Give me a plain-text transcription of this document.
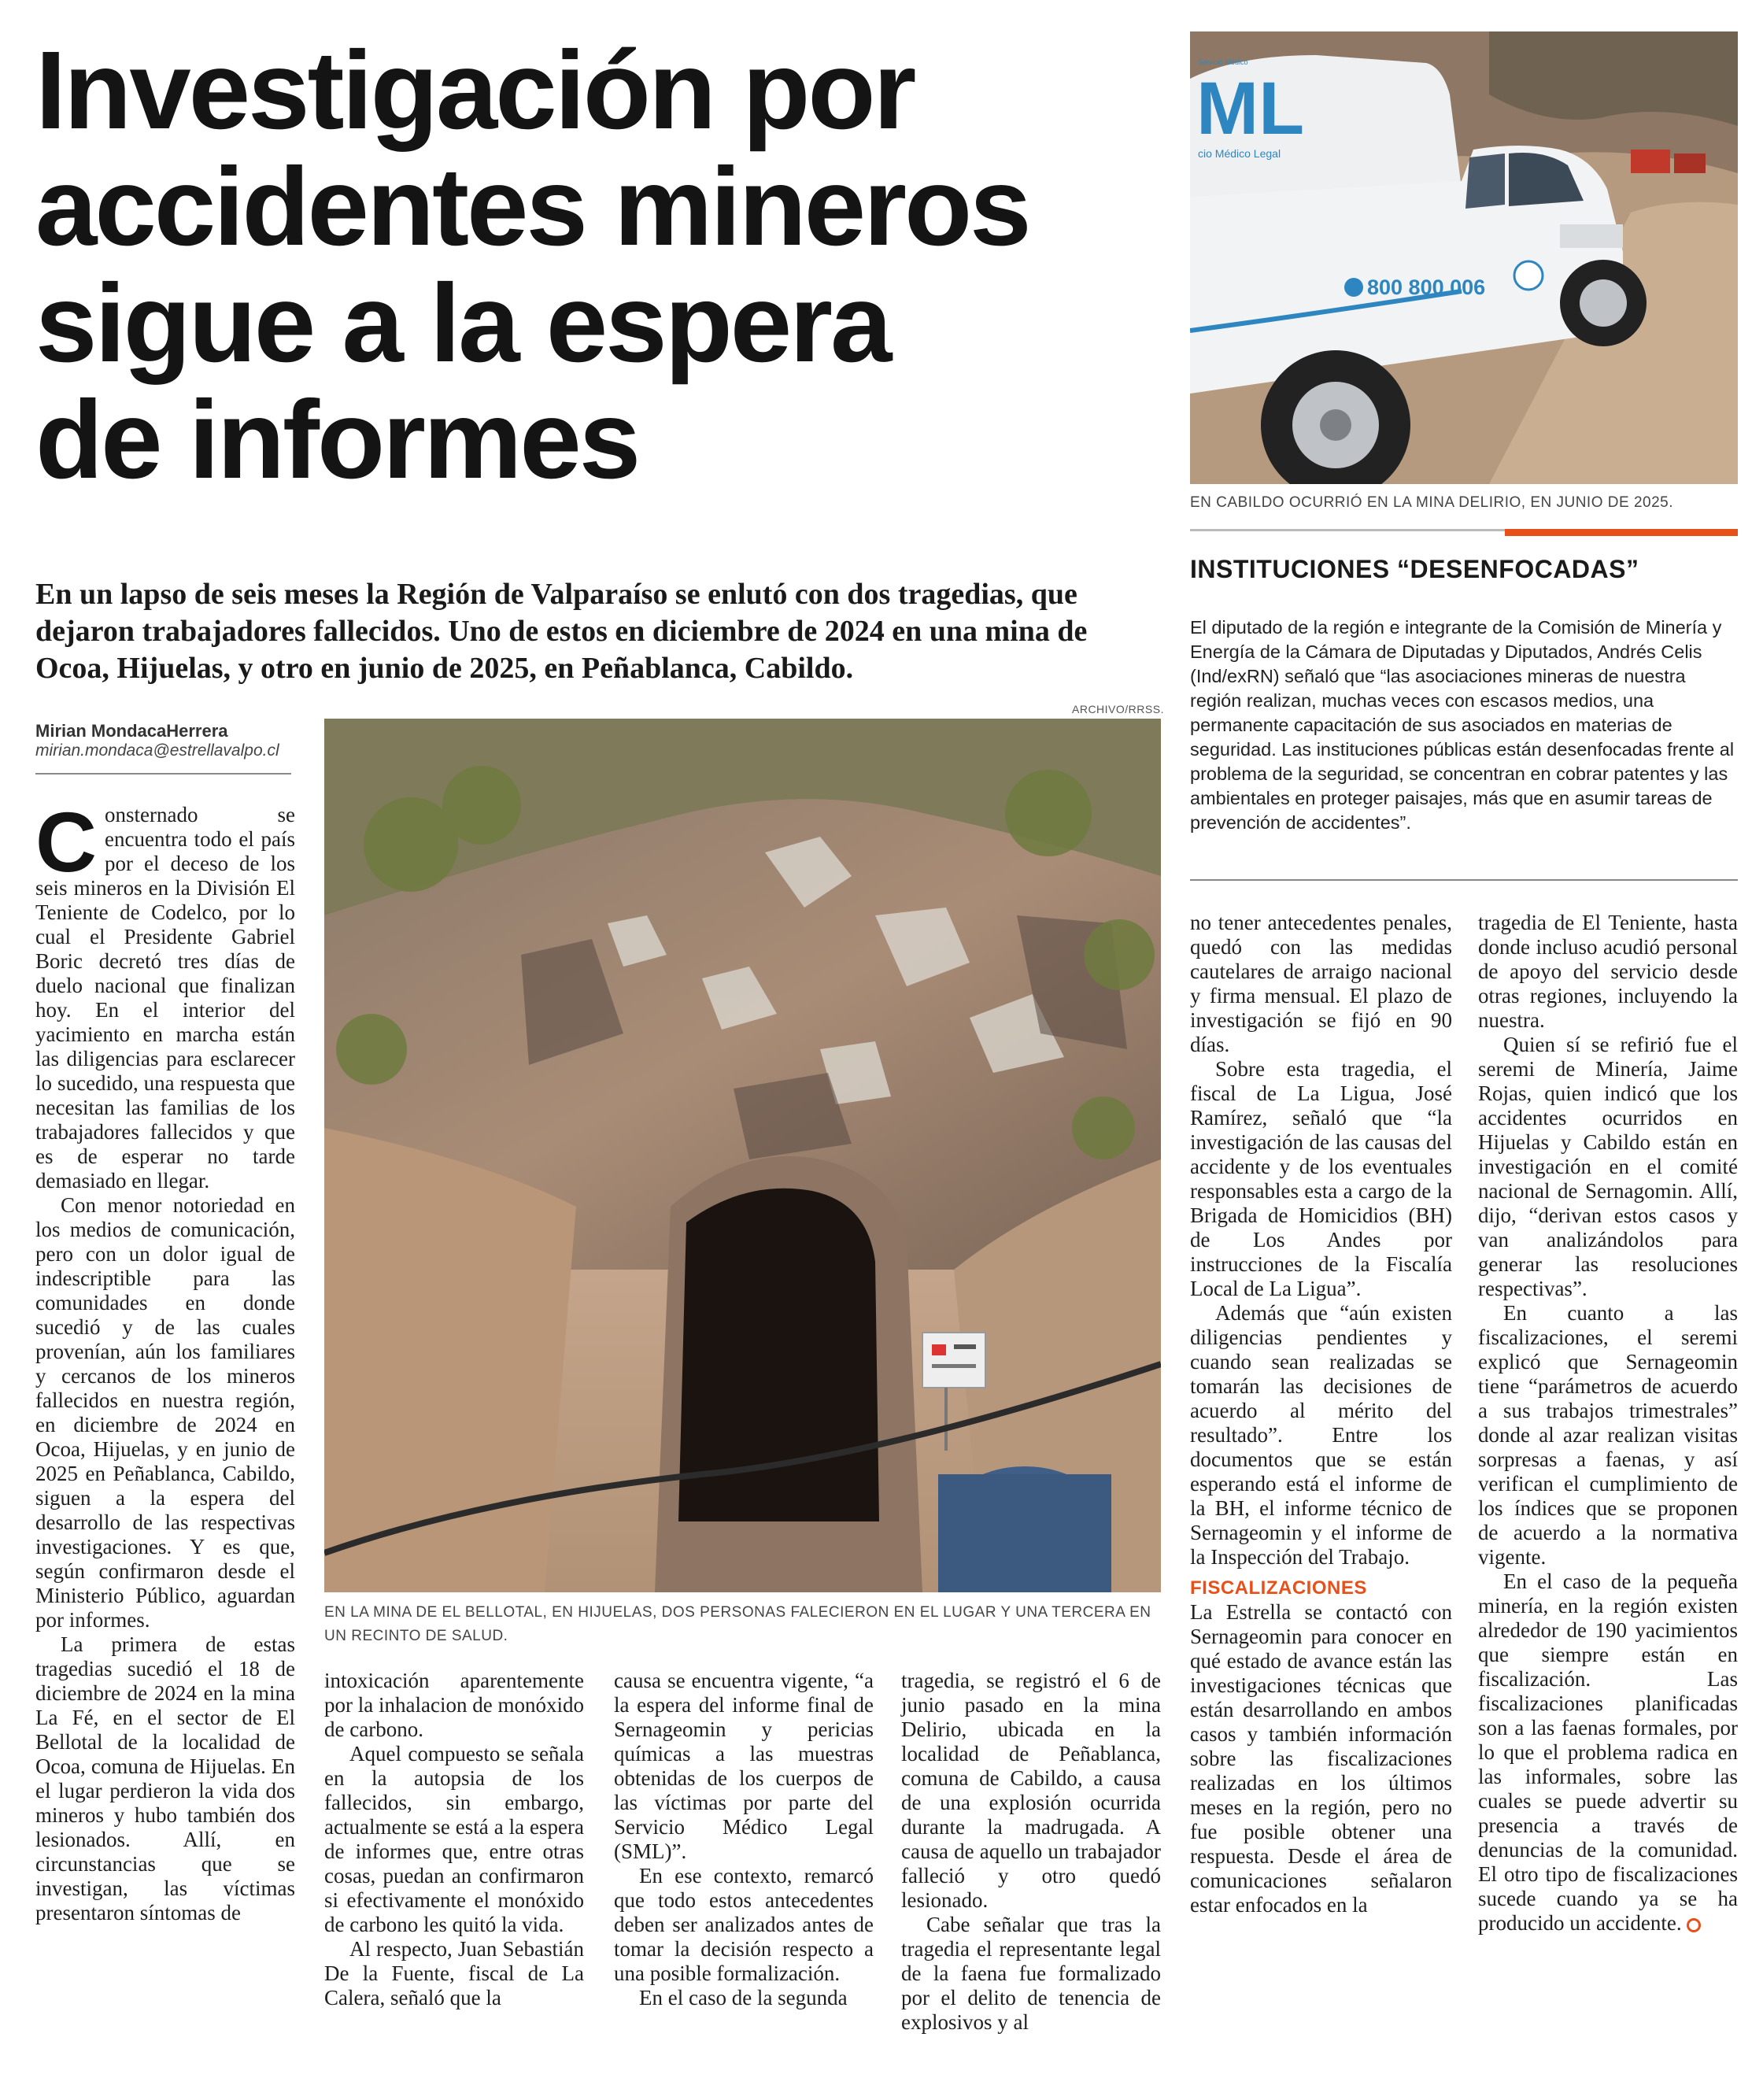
Investigación por
accidentes mineros
sigue a la espera
de informes

En un lapso de seis meses la Región de Valparaíso se enlutó con dos tragedias, que dejaron trabajadores fallecidos. Uno de estos en diciembre de 2024 en una mina de Ocoa, Hijuelas, y otro en junio de 2025, en Peñablanca, Cabildo.

Mirian MondacaHerrera
mirian.mondaca@estrellavalpo.cl
ARCHIVO/RRSS.
EN LA MINA DE EL BELLOTAL, EN HIJUELAS, DOS PERSONAS FALECIERON EN EL LUGAR Y UNA TERCERA EN UN RECINTO DE SALUD.
ML
cio Médico Legal
Servicio Médico
800 800 006
EN CABILDO OCURRIÓ EN LA MINA DELIRIO, EN JUNIO DE 2025.
INSTITUCIONES “DESENFOCADAS”

El diputado de la región e integrante de la Comisión de Minería y Energía de la Cámara de Diputadas y Diputados, Andrés Celis (Ind/exRN) señaló que “las asociaciones mineras de nuestra región realizan, muchas veces con escasos medios, una permanente capacitación de sus asociados en materias de seguridad. Las instituciones públicas están desenfocadas frente al problema de la seguridad, se concentran en cobrar patentes y las ambientales en proteger paisajes, más que en asumir tareas de prevención de accidentes”.

Consternado se encuentra todo el país por el deceso de los seis mineros en la División El Teniente de Codelco, por lo cual el Presidente Gabriel Boric decretó tres días de duelo nacional que finalizan hoy. En el interior del yacimiento en marcha están las diligencias para esclarecer lo sucedido, una respuesta que necesitan las familias de los trabajadores fallecidos y que es de esperar no tarde demasiado en llegar.

Con menor notoriedad en los medios de comunicación, pero con un dolor igual de indescriptible para las comunidades en donde sucedió y de las cuales provenían, aún los familiares y cercanos de los mineros fallecidos en nuestra región, en diciembre de 2024 en Ocoa, Hijuelas, y en junio de 2025 en Peñablanca, Cabildo, siguen a la espera del desarrollo de las respectivas investigaciones. Y es que, según confirmaron desde el Ministerio Público, aguardan por informes.

La primera de estas tragedias sucedió el 18 de diciembre de 2024 en la mina La Fé, en el sector de El Bellotal de la localidad de Ocoa, comuna de Hijuelas. En el lugar perdieron la vida dos mineros y hubo también dos lesionados. Allí, en circunstancias que se investigan, las víctimas presentaron síntomas de

intoxicación aparentemente por la inhalacion de monóxido de carbono.

Aquel compuesto se señala en la autopsia de los fallecidos, sin embargo, actualmente se está a la espera de informes que, entre otras cosas, puedan an confirmaron si efectivamente el monóxido de carbono les quitó la vida.

Al respecto, Juan Sebastián De la Fuente, fiscal de La Calera, señaló que la

causa se encuentra vigente, “a la espera del informe final de Sernageomin y pericias químicas a las muestras obtenidas de los cuerpos de las víctimas por parte del Servicio Médico Legal (SML)”.

En ese contexto, remarcó que todo estos antecedentes deben ser analizados antes de tomar la decisión respecto a una posible formalización.

En el caso de la segunda

tragedia, se registró el 6 de junio pasado en la mina Delirio, ubicada en la localidad de Peñablanca, comuna de Cabildo, a causa de una explosión ocurrida durante la madrugada. A causa de aquello un trabajador falleció y otro quedó lesionado.

Cabe señalar que tras la tragedia el representante legal de la faena fue formalizado por el delito de tenencia de explosivos y al

no tener antecedentes penales, quedó con las medidas cautelares de arraigo nacional y firma mensual. El plazo de investigación se fijó en 90 días.

Sobre esta tragedia, el fiscal de La Ligua, José Ramírez, señaló que “la investigación de las causas del accidente y de los eventuales responsables esta a cargo de la Brigada de Homicidios (BH) de Los Andes por instrucciones de la Fiscalía Local de La Ligua”.

Además que “aún existen diligencias pendientes y cuando sean realizadas se tomarán las decisiones de acuerdo al mérito del resultado”. Entre los documentos que se están esperando está el informe de la BH, el informe técnico de Sernageomin y el informe de la Inspección del Trabajo.

FISCALIZACIONES

La Estrella se contactó con Sernageomin para conocer en qué estado de avance están las investigaciones técnicas que están desarrollando en ambos casos y también información sobre las fiscalizaciones realizadas en los últimos meses en la región, pero no fue posible obtener una respuesta. Desde el área de comunicaciones señalaron estar enfocados en la

tragedia de El Teniente, hasta donde incluso acudió personal de apoyo del servicio desde otras regiones, incluyendo la nuestra.

Quien sí se refirió fue el seremi de Minería, Jaime Rojas, quien indicó que los accidentes ocurridos en Hijuelas y Cabildo están en investigación en el comité nacional de Sernagomin. Allí, dijo, “derivan estos casos y van analizándolos para generar las resoluciones respectivas”.

En cuanto a las fiscalizaciones, el seremi explicó que Sernageomin tiene “parámetros de acuerdo a sus trabajos trimestrales” donde al azar realizan visitas sorpresas a faenas, y así verifican el cumplimiento de los índices que se proponen de acuerdo a la normativa vigente.

En el caso de la pequeña minería, en la región existen alrededor de 190 yacimientos que siempre están en fiscalización. Las fiscalizaciones planificadas son a las faenas formales, por lo que el problema radica en las informales, sobre las cuales se puede advertir su presencia a través de denuncias de la comunidad. El otro tipo de fiscalizaciones sucede cuando ya se ha producido un accidente.
